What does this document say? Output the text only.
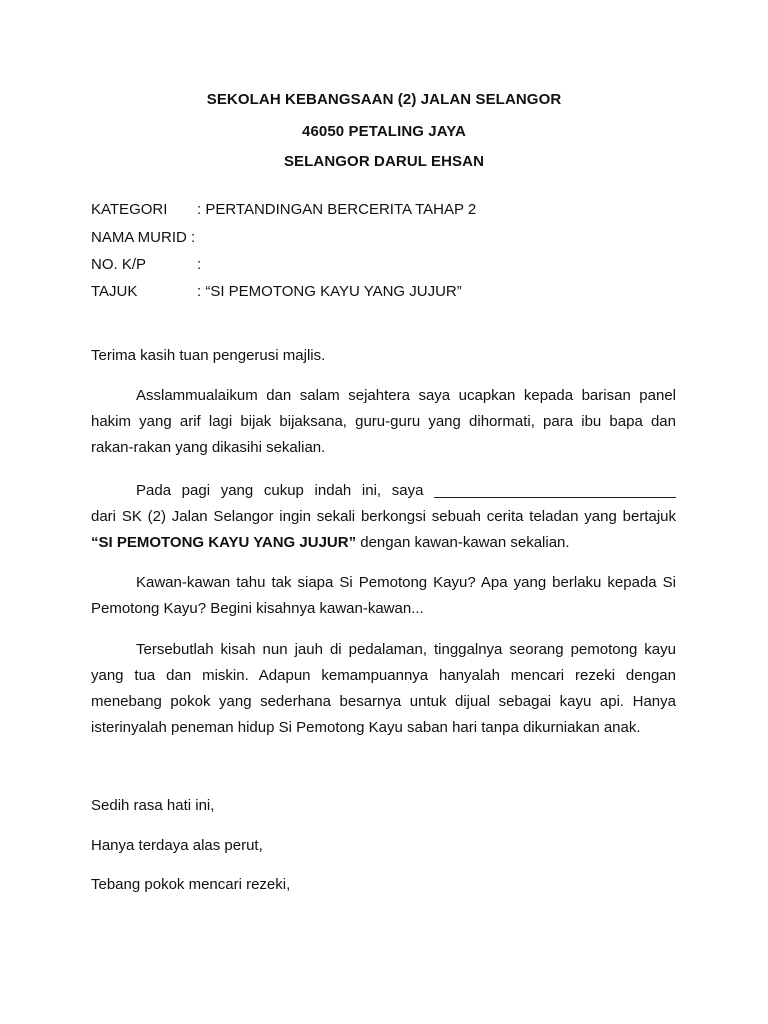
SEKOLAH KEBANGSAAN (2) JALAN SELANGOR
46050 PETALING JAYA
SELANGOR DARUL EHSAN
KATEGORI : PERTANDINGAN BERCERITA TAHAP 2
NAMA MURID :
NO. K/P	:
TAJUK	: “SI PEMOTONG KAYU YANG JUJUR”
Terima kasih tuan pengerusi majlis.
Asslammualaikum dan salam sejahtera saya ucapkan kepada barisan panel
hakim yang arif lagi bijak bijaksana, guru-guru yang dihormati, para ibu bapa dan
rakan-rakan yang dikasihi sekalian.
Pada pagi yang cukup indah ini, saya _____________________________
dari SK (2) Jalan Selangor ingin sekali berkongsi sebuah cerita teladan yang bertajuk
“SI PEMOTONG KAYU YANG JUJUR” dengan kawan-kawan sekalian.
Kawan-kawan tahu tak siapa Si Pemotong Kayu? Apa yang berlaku kepada Si
Pemotong Kayu? Begini kisahnya kawan-kawan...
Tersebutlah kisah nun jauh di pedalaman, tinggalnya seorang pemotong kayu
yang tua dan miskin. Adapun kemampuannya hanyalah mencari rezeki dengan
menebang pokok yang sederhana besarnya untuk dijual sebagai kayu api. Hanya
isterinyalah peneman hidup Si Pemotong Kayu saban hari tanpa dikurniakan anak.
Sedih rasa hati ini,
Hanya terdaya alas perut,
Tebang pokok mencari rezeki,
